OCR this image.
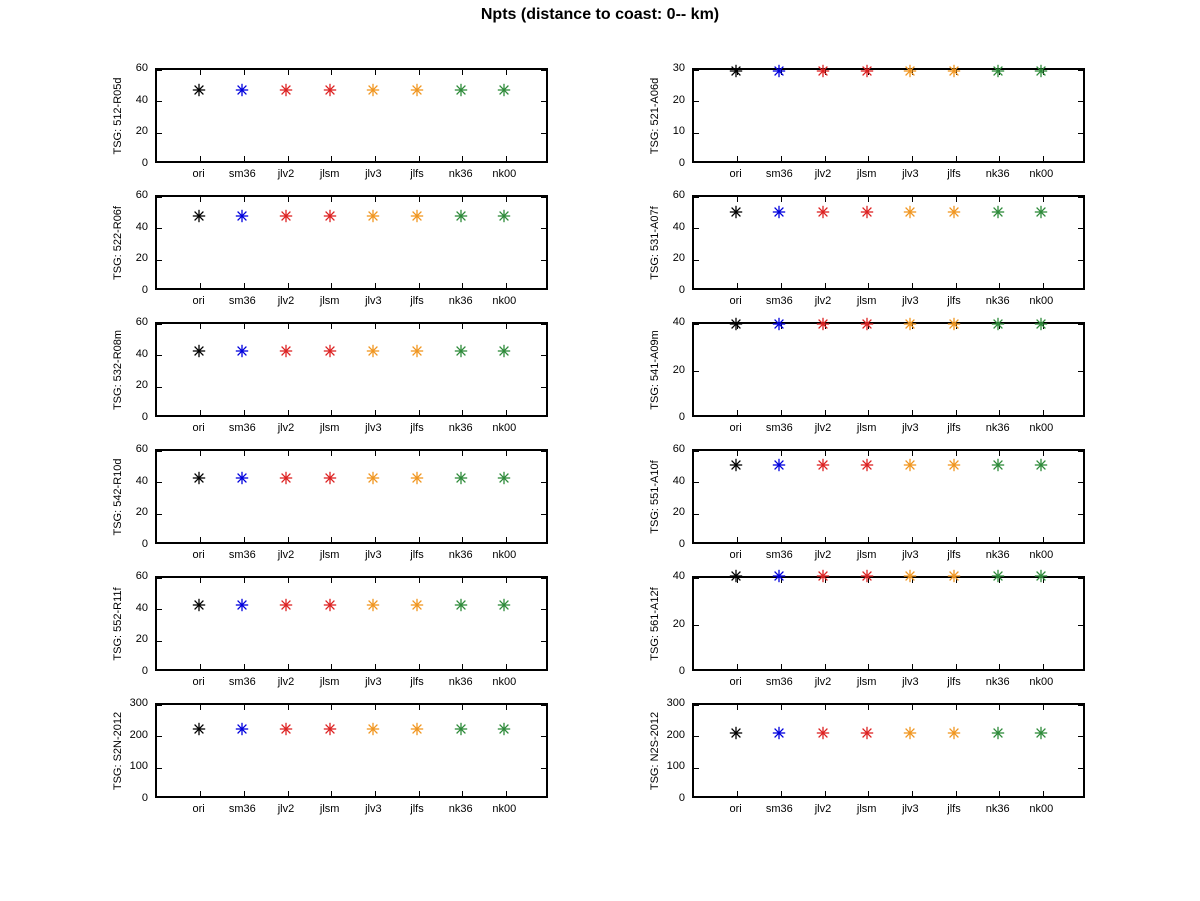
Npts (distance to coast: 0-- km)
0
20
40
60
ori	sm36	jlv2	jlsm	jlv3	jlfs	nk36	nk00
TSG: 512-R05d
0
10
20
30
ori	sm36	jlv2	jlsm	jlv3	jlfs	nk36	nk00
TSG: 521-A06d
0
20
40
60
ori	sm36	jlv2	jlsm	jlv3	jlfs	nk36	nk00
TSG: 522-R06f
0
20
40
60
ori	sm36	jlv2	jlsm	jlv3	jlfs	nk36	nk00
TSG: 531-A07f
0
20
40
60
ori	sm36	jlv2	jlsm	jlv3	jlfs	nk36	nk00
TSG: 532-R08m
0
20
40
ori	sm36	jlv2	jlsm	jlv3	jlfs	nk36	nk00
TSG: 541-A09m
0
20
40
60
ori	sm36	jlv2	jlsm	jlv3	jlfs	nk36	nk00
TSG: 542-R10d
0
20
40
60
ori	sm36	jlv2	jlsm	jlv3	jlfs	nk36	nk00
TSG: 551-A10f
0
20
40
60
ori	sm36	jlv2	jlsm	jlv3	jlfs	nk36	nk00
TSG: 552-R11f
0
20
40
ori	sm36	jlv2	jlsm	jlv3	jlfs	nk36	nk00
TSG: 561-A12f
0
100
200
300
ori	sm36	jlv2	jlsm	jlv3	jlfs	nk36	nk00
TSG: S2N-2012
0
100
200
300
ori	sm36	jlv2	jlsm	jlv3	jlfs	nk36	nk00
TSG: N2S-2012
